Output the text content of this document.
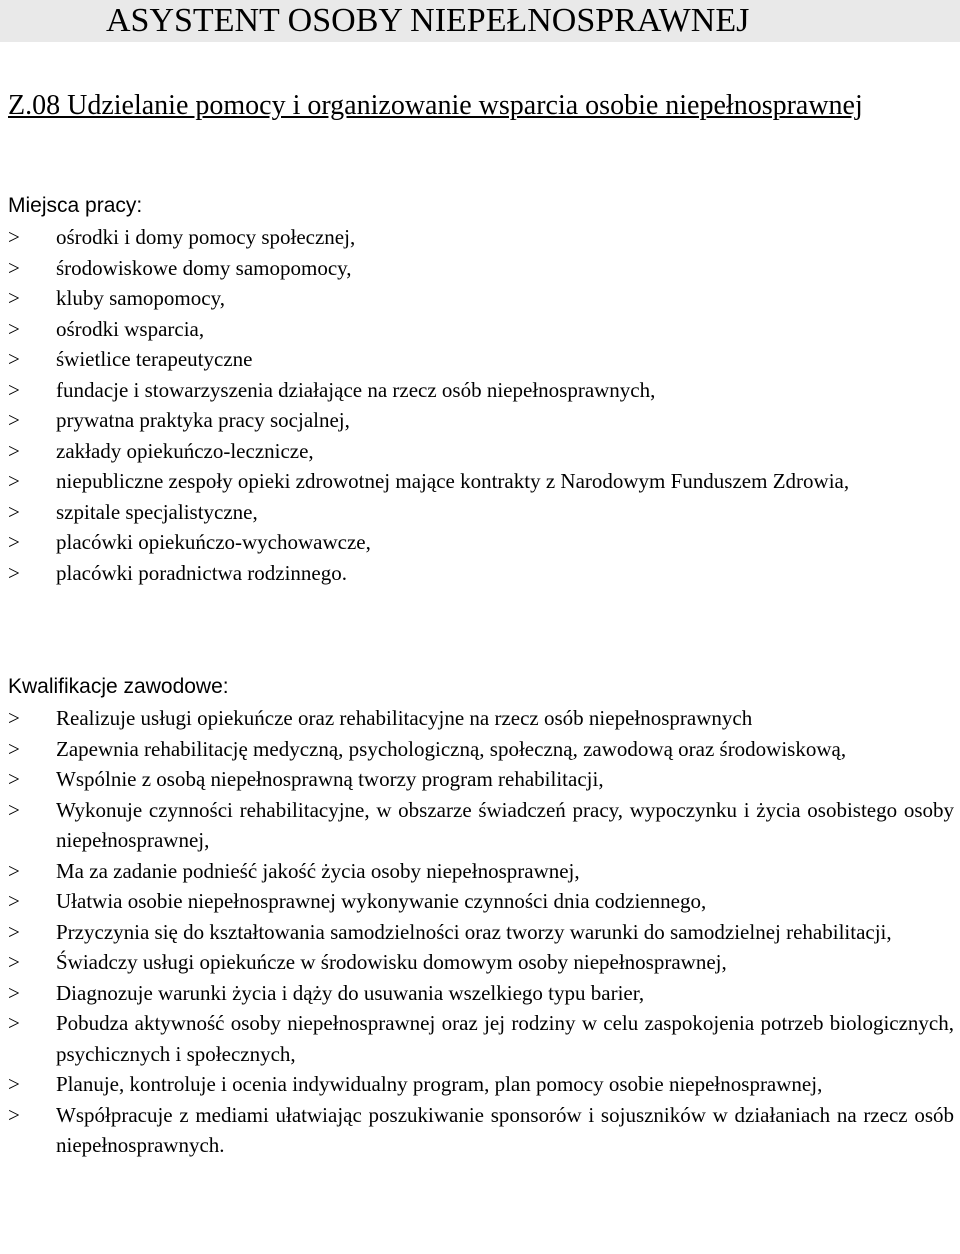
ASYSTENT OSOBY NIEPEŁNOSPRAWNEJ
Z.08 Udzielanie pomocy i organizowanie wsparcia osobie niepełnosprawnej
Miejsca pracy:
>	ośrodki i domy pomocy społecznej,
>	środowiskowe domy samopomocy,
>	kluby samopomocy,
>	ośrodki wsparcia,
>	świetlice terapeutyczne
>	fundacje i stowarzyszenia działające na rzecz osób niepełnosprawnych,
>	prywatna praktyka pracy socjalnej,
>	zakłady opiekuńczo-lecznicze,
>	niepubliczne zespoły opieki zdrowotnej mające kontrakty z Narodowym Funduszem Zdrowia,
>	szpitale specjalistyczne,
>	placówki opiekuńczo-wychowawcze,
>	placówki poradnictwa rodzinnego.
Kwalifikacje zawodowe:
>	Realizuje usługi opiekuńcze oraz rehabilitacyjne na rzecz osób niepełnosprawnych
>	Zapewnia rehabilitację medyczną, psychologiczną, społeczną, zawodową oraz środowiskową,
>	Wspólnie z osobą niepełnosprawną tworzy program rehabilitacji,
>	Wykonuje czynności rehabilitacyjne, w obszarze świadczeń pracy, wypoczynku i życia osobistego osoby niepełnosprawnej,
>	Ma za zadanie podnieść jakość życia osoby niepełnosprawnej,
>	Ułatwia osobie niepełnosprawnej wykonywanie czynności dnia codziennego,
>	Przyczynia się do kształtowania samodzielności oraz tworzy warunki do samodzielnej rehabilitacji,
>	Świadczy usługi opiekuńcze w środowisku domowym osoby niepełnosprawnej,
>	Diagnozuje warunki życia i dąży do usuwania wszelkiego typu barier,
>	Pobudza aktywność osoby niepełnosprawnej oraz jej rodziny w celu zaspokojenia potrzeb biologicznych, psychicznych i społecznych,
>	Planuje, kontroluje i ocenia indywidualny program, plan pomocy osobie niepełnosprawnej,
>	Współpracuje z mediami ułatwiając poszukiwanie sponsorów i sojuszników w działaniach na rzecz osób niepełnosprawnych.
